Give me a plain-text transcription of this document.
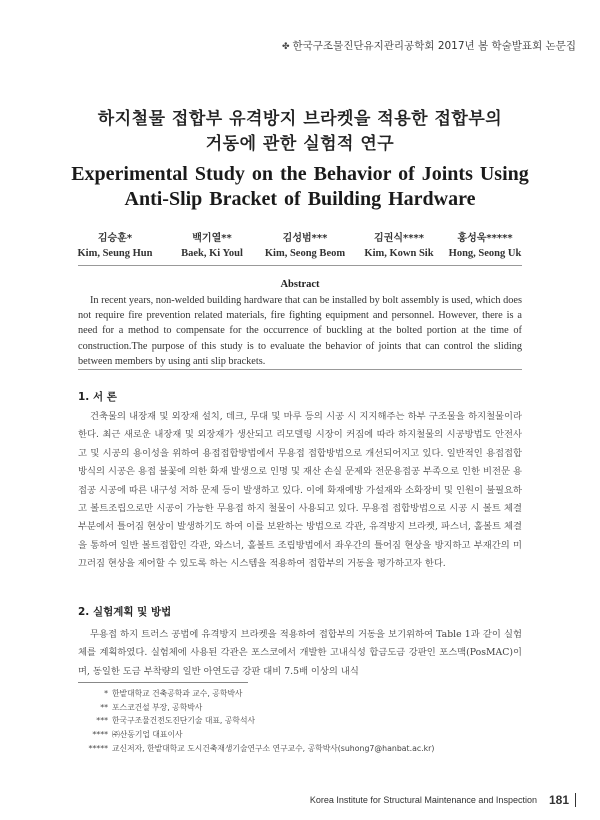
✤ 한국구조물진단유지관리공학회 2017년 봄 학술발표회 논문집
하지철물 접합부 유격방지 브라켓을 적용한 접합부의
거동에 관한 실험적 연구
Experimental Study on the Behavior of Joints Using
Anti-Slip Bracket of Building Hardware
김승훈*
Kim, Seung Hun
백기열**
Baek, Ki Youl
김성범***
Kim, Seong Beom
김권식****
Kim, Kown Sik
홍성욱*****
Hong, Seong Uk
Abstract
In recent years, non-welded building hardware that can be installed by bolt assembly is used, which does not require fire prevention related materials, fire fighting equipment and personnel. However, there is a need for a method to compensate for the occurrence of buckling at the bolted portion at the time of construction.The purpose of this study is to evaluate the behavior of joints that can control the sliding between members by using anti slip brackets.
1. 서 론
건축물의 내장재 및 외장재 설치, 데크, 무대 및 마루 등의 시공 시 지지해주는 하부 구조물을 하지철물이라 한다. 최근 새로운 내장재 및 외장재가 생산되고 리모델링 시장이 커짐에 따라 하지철물의 시공방법도 안전사고 및 시공의 용이성을 위하여 용접접합방법에서 무용접 접합방법으로 개선되어지고 있다. 일반적인 용접접합 방식의 시공은 용접 불꽃에 의한 화재 발생으로 인명 및 재산 손실 문제와 전문용접공 부족으로 인한 비전문 용접공 시공에 따른 내구성 저하 문제 등이 발생하고 있다. 이에 화재예방 가설재와 소화장비 및 인원이 불필요하고 볼트조립으로만 시공이 가능한 무용접 하지 철물이 사용되고 있다. 무용접 접합방법으로 시공 시 볼트 체결부분에서 틀어짐 현상이 발생하기도 하여 이를 보완하는 방법으로 각관, 유격방지 브라켓, 파스너, 홀볼트 체결을 통하여 일반 볼트접합인 각관, 와스너, 홀볼트 조립방법에서 좌우간의 틀어짐 현상을 방지하고 부재간의 미끄러짐 현상을 제어할 수 있도록 하는 시스템을 적용하여 접합부의 거동을 평가하고자 한다.
2. 실험계획 및 방법
무용접 하지 트러스 공법에 유격방지 브라켓을 적용하여 접합부의 거동을 보기위하여 Table 1과 같이 실험체를 계획하였다. 실험체에 사용된 각관은 포스코에서 개발한 고내식성 합금도금 강판인 포스맥(PosMAC)이며, 동일한 도금 부착량의 일반 아연도금 강판 대비 7.5배 이상의 내식
* 한밭대학교 건축공학과 교수, 공학박사
** 포스코건설 부장, 공학박사
*** 한국구조물건전도진단기술 대표, 공학석사
**** ㈜산동기업 대표이사
***** 교신저자, 한밭대학교 도시건축재생기술연구소 연구교수, 공학박사(suhong7@hanbat.ac.kr)
Korea Institute for Structural Maintenance and Inspection 181
